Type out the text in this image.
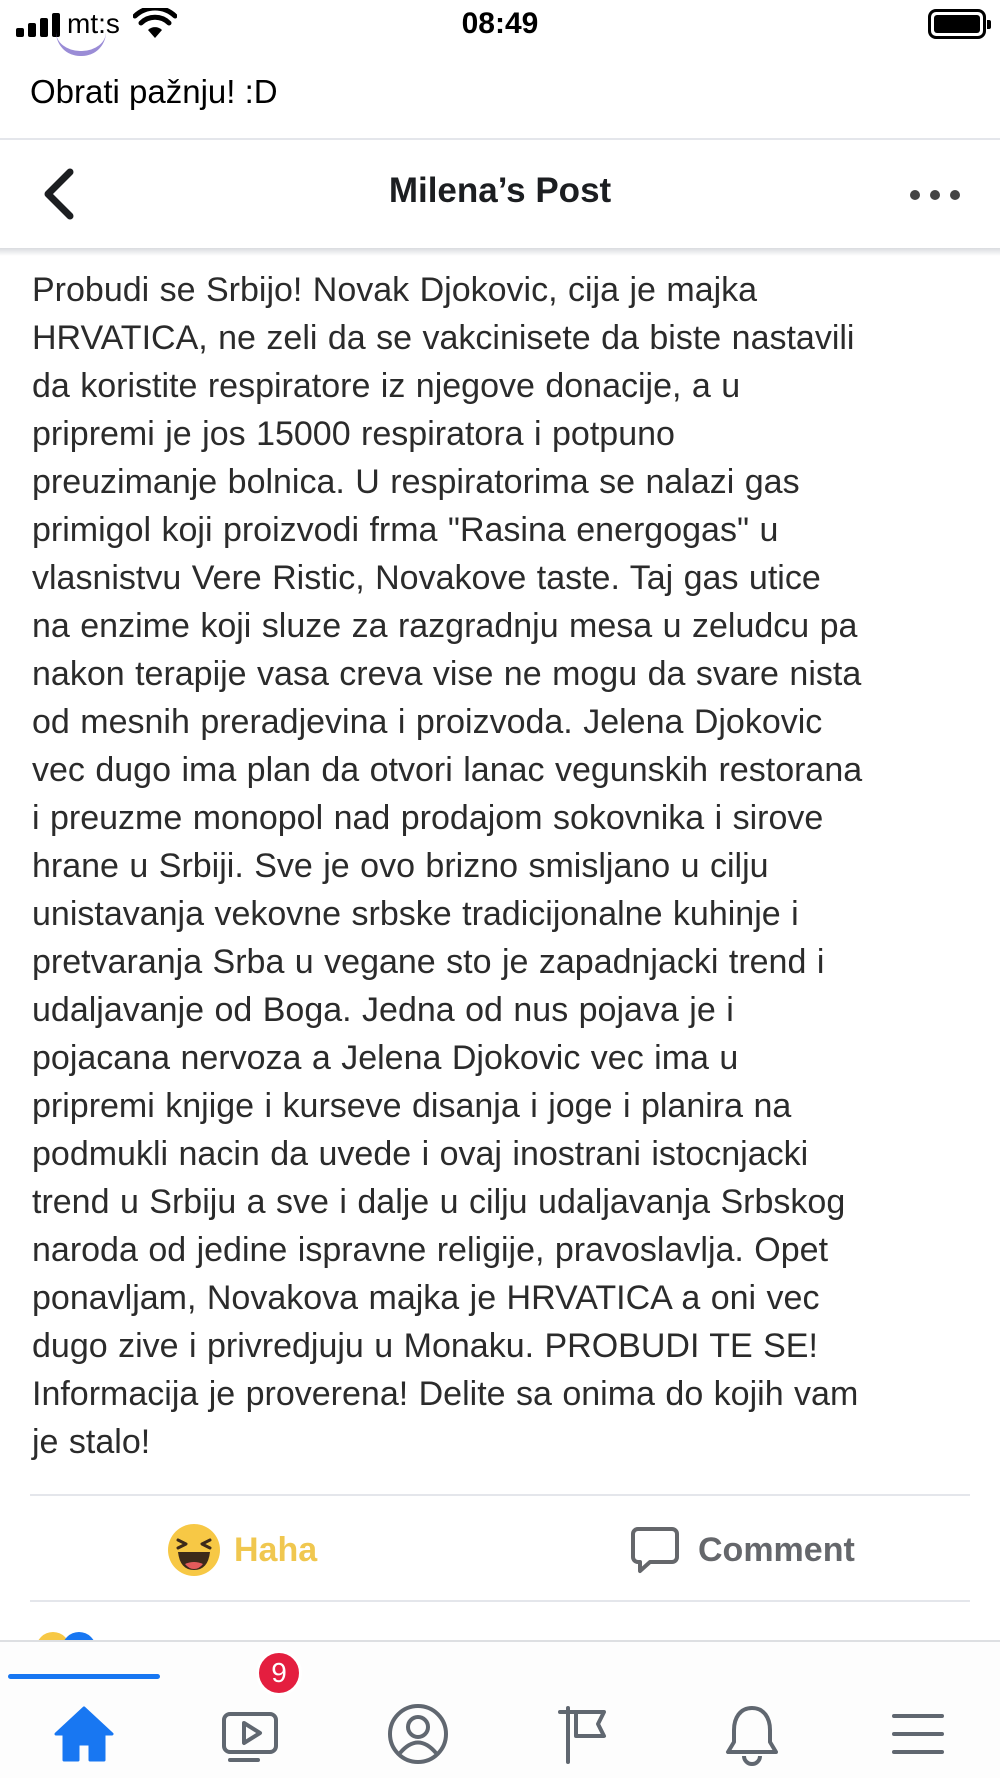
mt:s	08:49
Obrati pažnju! :D
Milena’s Post
Probudi se Srbijo! Novak Djokovic, cija je majka
HRVATICA, ne zeli da se vakcinisete da biste nastavili
da koristite respiratore iz njegove donacije, a u
pripremi je jos 15000 respiratora i potpuno
preuzimanje bolnica. U respiratorima se nalazi gas
primigol koji proizvodi frma "Rasina energogas" u
vlasnistvu Vere Ristic, Novakove taste. Taj gas utice
na enzime koji sluze za razgradnju mesa u zeludcu pa
nakon terapije vasa creva vise ne mogu da svare nista
od mesnih preradjevina i proizvoda. Jelena Djokovic
vec dugo ima plan da otvori lanac vegunskih restorana
i preuzme monopol nad prodajom sokovnika i sirove
hrane u Srbiji. Sve je ovo brizno smisljano u cilju
unistavanja vekovne srbske tradicijonalne kuhinje i
pretvaranja Srba u vegane sto je zapadnjacki trend i
udaljavanje od Boga. Jedna od nus pojava je i
pojacana nervoza a Jelena Djokovic vec ima u
pripremi knjige i kurseve disanja i joge i planira na
podmukli nacin da uvede i ovaj inostrani istocnjacki
trend u Srbiju a sve i dalje u cilju udaljavanja Srbskog
naroda od jedine ispravne religije, pravoslavlja. Opet
ponavljam, Novakova majka je HRVATICA a oni vec
dugo zive i privredjuju u Monaku. PROBUDI TE SE!
Informacija je proverena! Delite sa onima do kojih vam
je stalo!
Haha	Comment
9
